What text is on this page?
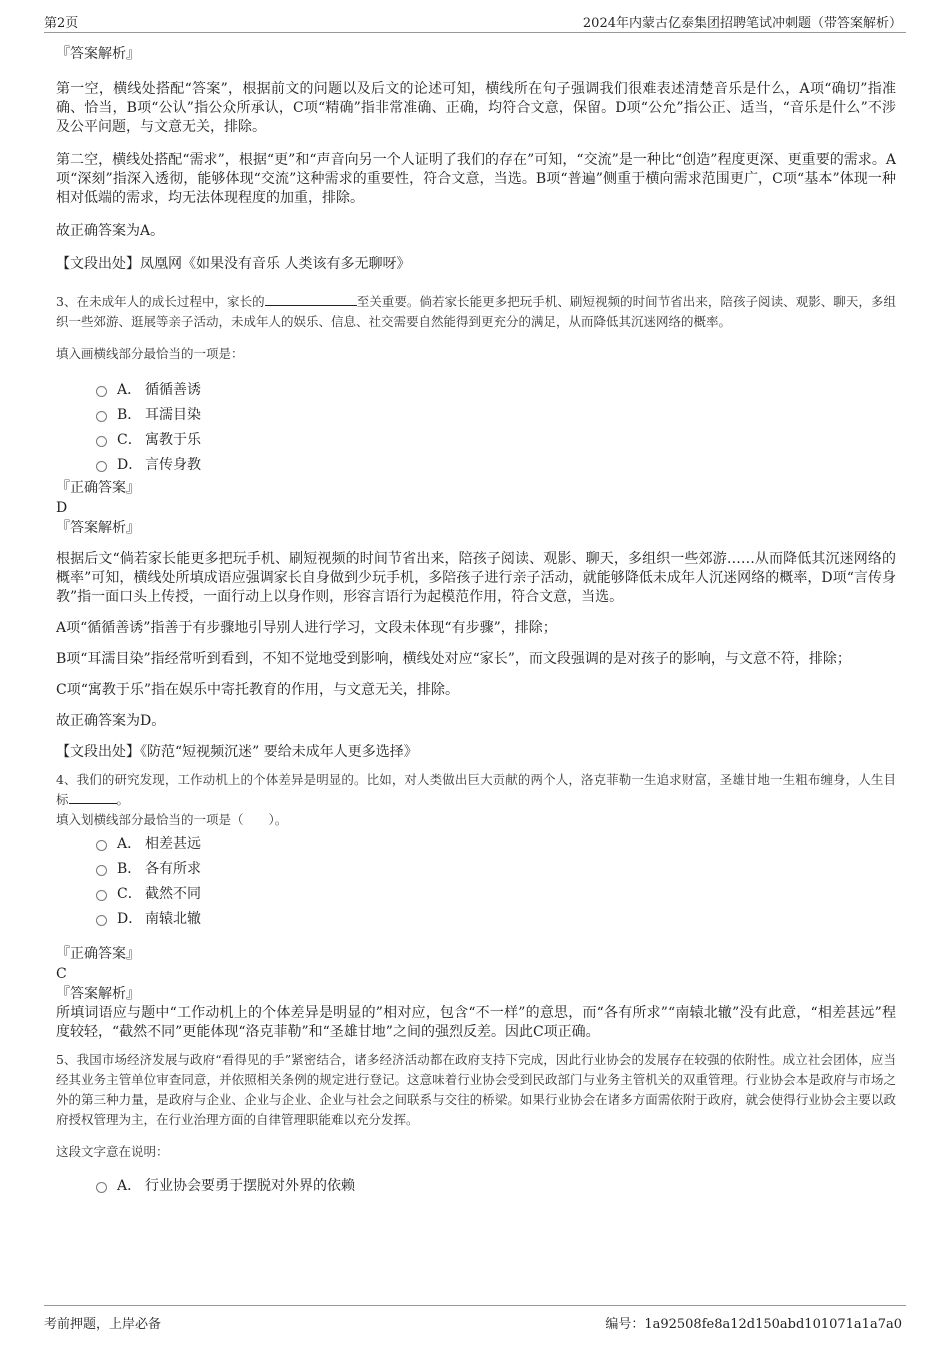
第2页	2024年内蒙古亿泰集团招聘笔试冲刺题（带答案解析）

『答案解析』

第一空，横线处搭配“答案”，根据前文的问题以及后文的论述可知，横线所在句子强调我们很难表述清楚音乐是什么，A项“确切”指准确、恰当，B项“公认”指公众所承认，C项“精确”指非常准确、正确，均符合文意，保留。D项“公允”指公正、适当，“音乐是什么”不涉及公平问题，与文意无关，排除。

第二空，横线处搭配“需求”，根据“更”和“声音向另一个人证明了我们的存在”可知，“交流”是一种比“创造”程度更深、更重要的需求。A项“深刻”指深入透彻，能够体现“交流”这种需求的重要性，符合文意，当选。B项“普遍”侧重于横向需求范围更广，C项“基本”体现一种相对低端的需求，均无法体现程度的加重，排除。

故正确答案为A。

【文段出处】凤凰网《如果没有音乐 人类该有多无聊呀》

3、在未成年人的成长过程中，家长的	至关重要。倘若家长能更多把玩手机、刷短视频的时间节省出来，陪孩子阅读、观影、聊天，多组织一些郊游、逛展等亲子活动，未成年人的娱乐、信息、社交需要自然能得到更充分的满足，从而降低其沉迷网络的概率。

填入画横线部分最恰当的一项是：

A． 循循善诱
B． 耳濡目染
C． 寓教于乐
D． 言传身教

『正确答案』

D

『答案解析』

根据后文“倘若家长能更多把玩手机、刷短视频的时间节省出来，陪孩子阅读、观影、聊天，多组织一些郊游……从而降低其沉迷网络的概率”可知，横线处所填成语应强调家长自身做到少玩手机，多陪孩子进行亲子活动，就能够降低未成年人沉迷网络的概率，D项“言传身教”指一面口头上传授，一面行动上以身作则，形容言语行为起模范作用，符合文意，当选。

A项“循循善诱”指善于有步骤地引导别人进行学习，文段未体现“有步骤”，排除；

B项“耳濡目染”指经常听到看到，不知不觉地受到影响，横线处对应“家长”，而文段强调的是对孩子的影响，与文意不符，排除；

C项“寓教于乐”指在娱乐中寄托教育的作用，与文意无关，排除。

故正确答案为D。

【文段出处】《防范“短视频沉迷” 要给未成年人更多选择》

4、我们的研究发现，工作动机上的个体差异是明显的。比如，对人类做出巨大贡献的两个人，洛克菲勒一生追求财富，圣雄甘地一生粗布缠身，人生目标	。

填入划横线部分最恰当的一项是（　　）。

A． 相差甚远
B． 各有所求
C． 截然不同
D． 南辕北辙

『正确答案』

C

『答案解析』

所填词语应与题中“工作动机上的个体差异是明显的”相对应，包含“不一样”的意思，而“各有所求”“南辕北辙”没有此意，“相差甚远”程度较轻，“截然不同”更能体现“洛克菲勒”和“圣雄甘地”之间的强烈反差。因此C项正确。

5、我国市场经济发展与政府“看得见的手”紧密结合，诸多经济活动都在政府支持下完成，因此行业协会的发展存在较强的依附性。成立社会团体，应当经其业务主管单位审查同意，并依照相关条例的规定进行登记。这意味着行业协会受到民政部门与业务主管机关的双重管理。行业协会本是政府与市场之外的第三种力量，是政府与企业、企业与企业、企业与社会之间联系与交往的桥梁。如果行业协会在诸多方面需依附于政府，就会使得行业协会主要以政府授权管理为主，在行业治理方面的自律管理职能难以充分发挥。

这段文字意在说明：

A． 行业协会要勇于摆脱对外界的依赖
考前押题，上岸必备	编号：1a92508fe8a12d150abd101071a1a7a0
